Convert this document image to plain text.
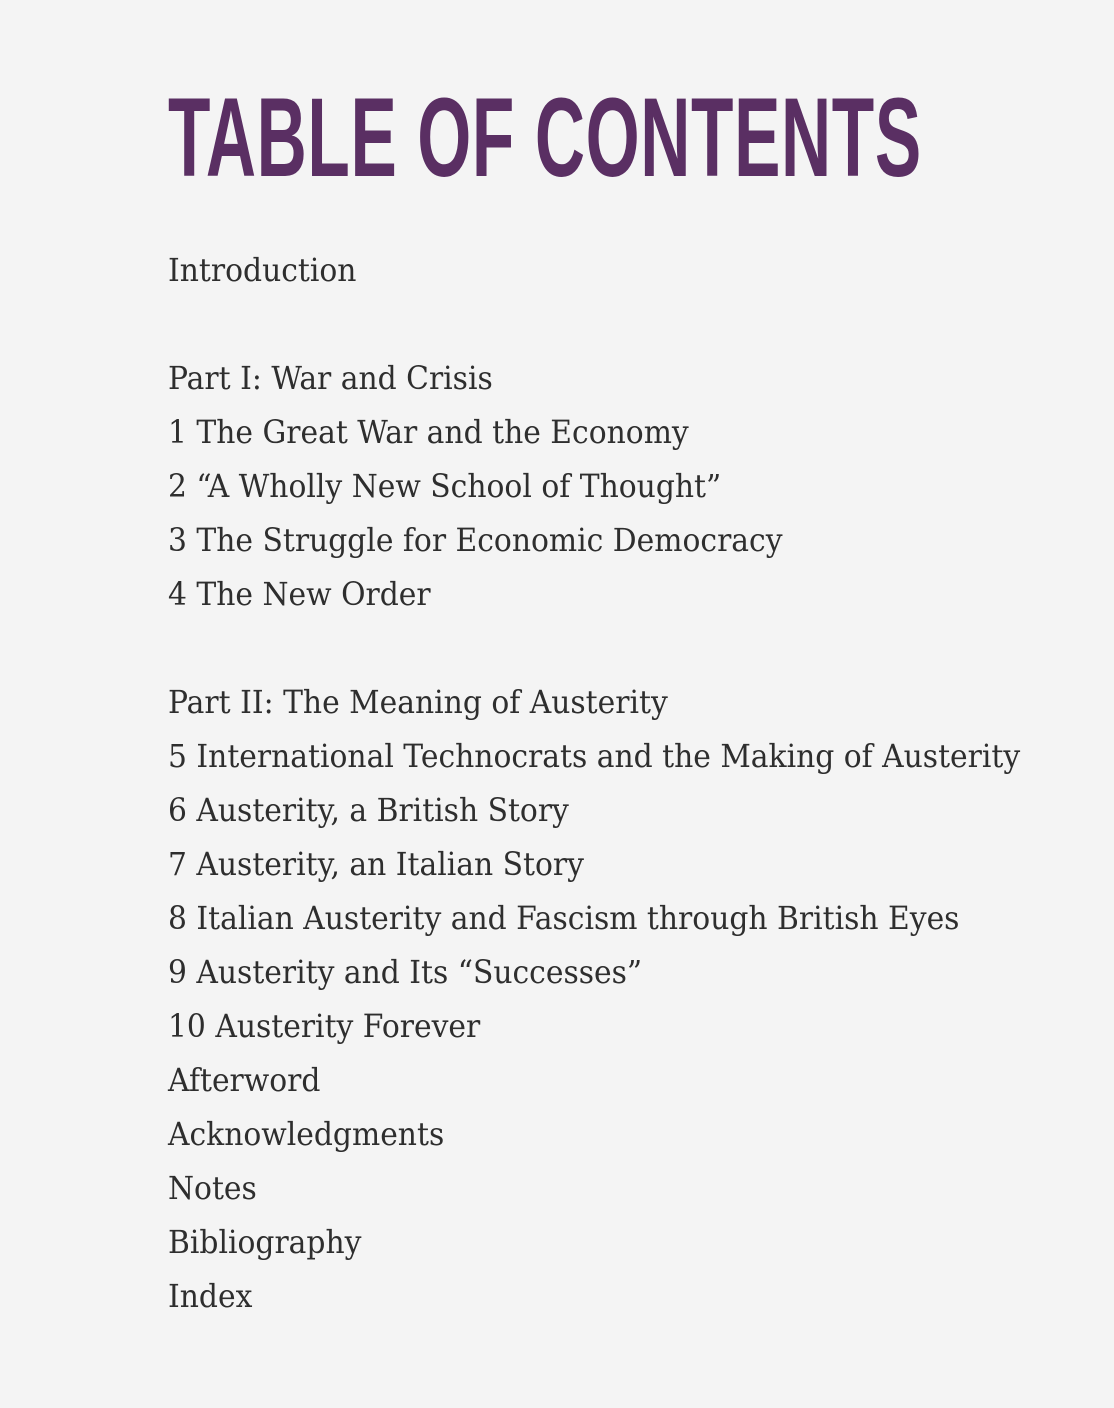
TABLE OF CONTENTS
Introduction
Part I: War and Crisis
1 The Great War and the Economy
2 “A Wholly New School of Thought”
3 The Struggle for Economic Democracy
4 The New Order
Part II: The Meaning of Austerity
5 International Technocrats and the Making of Austerity
6 Austerity, a British Story
7 Austerity, an Italian Story
8 Italian Austerity and Fascism through British Eyes
9 Austerity and Its “Successes”
10 Austerity Forever
Afterword
Acknowledgments
Notes
Bibliography
Index
